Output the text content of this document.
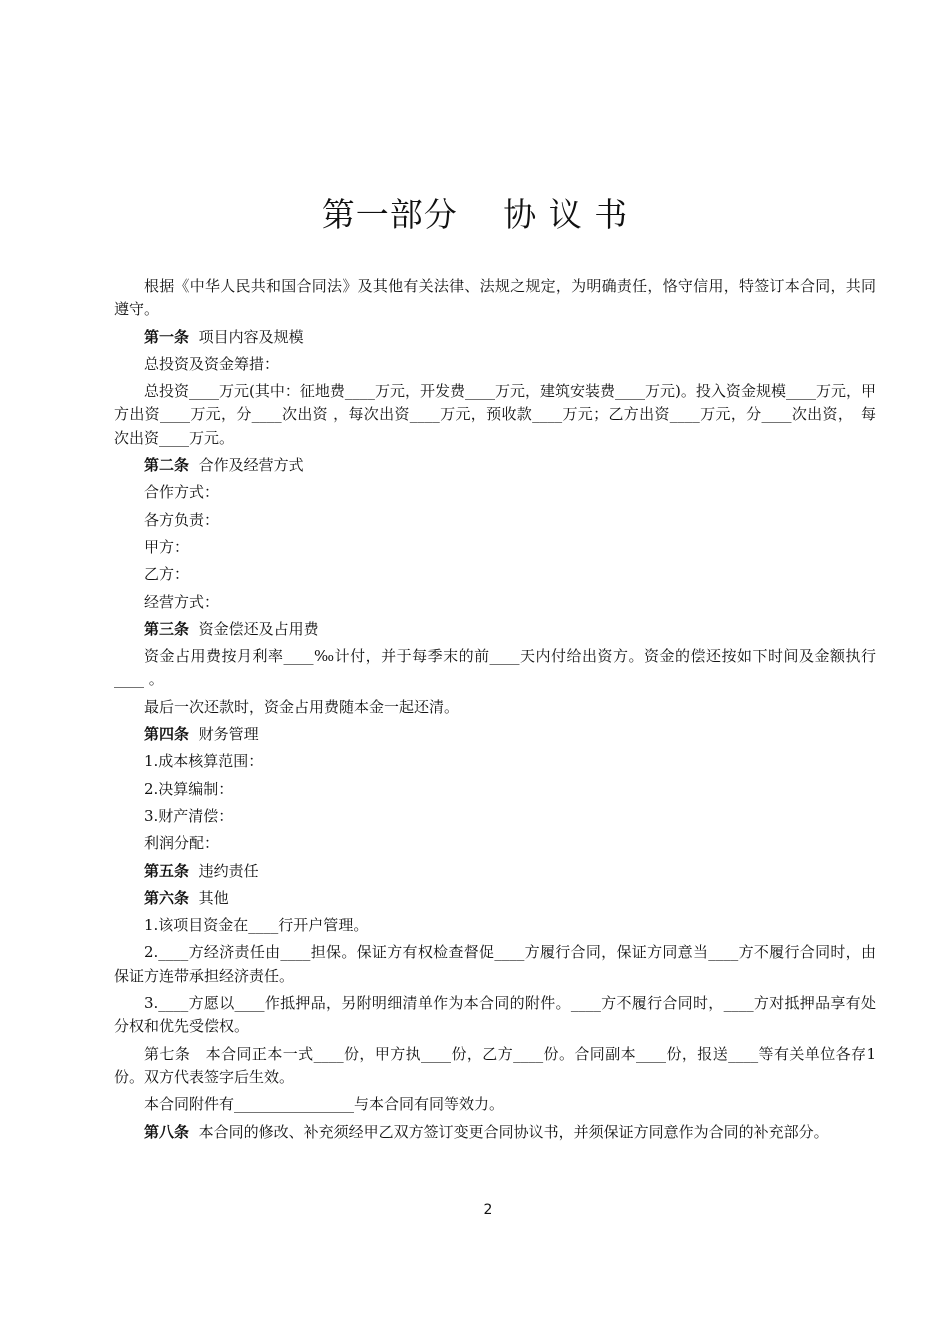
第一部分　 协 议 书

根据《中华人民共和国合同法》及其他有关法律、法规之规定，为明确责任，恪守信用，特签订本合同，共同遵守。

第一条 项目内容及规模

总投资及资金筹措：

总投资____万元(其中：征地费____万元，开发费____万元，建筑安装费____万元)。投入资金规模____万元，甲方出资____万元，分____次出资 ，每次出资____万元，预收款____万元；乙方出资____万元，分____次出资，　每次出资____万元。

第二条 合作及经营方式

合作方式：

各方负责：

甲方：

乙方：

经营方式：

第三条 资金偿还及占用费

资金占用费按月利率____‰计付，并于每季末的前____天内付给出资方。资金的偿还按如下时间及金额执行____ 。

最后一次还款时，资金占用费随本金一起还清。

第四条 财务管理

1.成本核算范围：

2.决算编制：

3.财产清偿：

利润分配：

第五条 违约责任

第六条 其他

1.该项目资金在____行开户管理。

2.____方经济责任由____担保。保证方有权检查督促____方履行合同，保证方同意当____方不履行合同时，由保证方连带承担经济责任。

3.____方愿以____作抵押品，另附明细清单作为本合同的附件。____方不履行合同时，____方对抵押品享有处分权和优先受偿权。

第七条　本合同正本一式____份，甲方执____份，乙方____份。合同副本____份，报送____等有关单位各存1份。双方代表签字后生效。

本合同附件有________________与本合同有同等效力。

第八条 本合同的修改、补充须经甲乙双方签订变更合同协议书，并须保证方同意作为合同的补充部分。

2
